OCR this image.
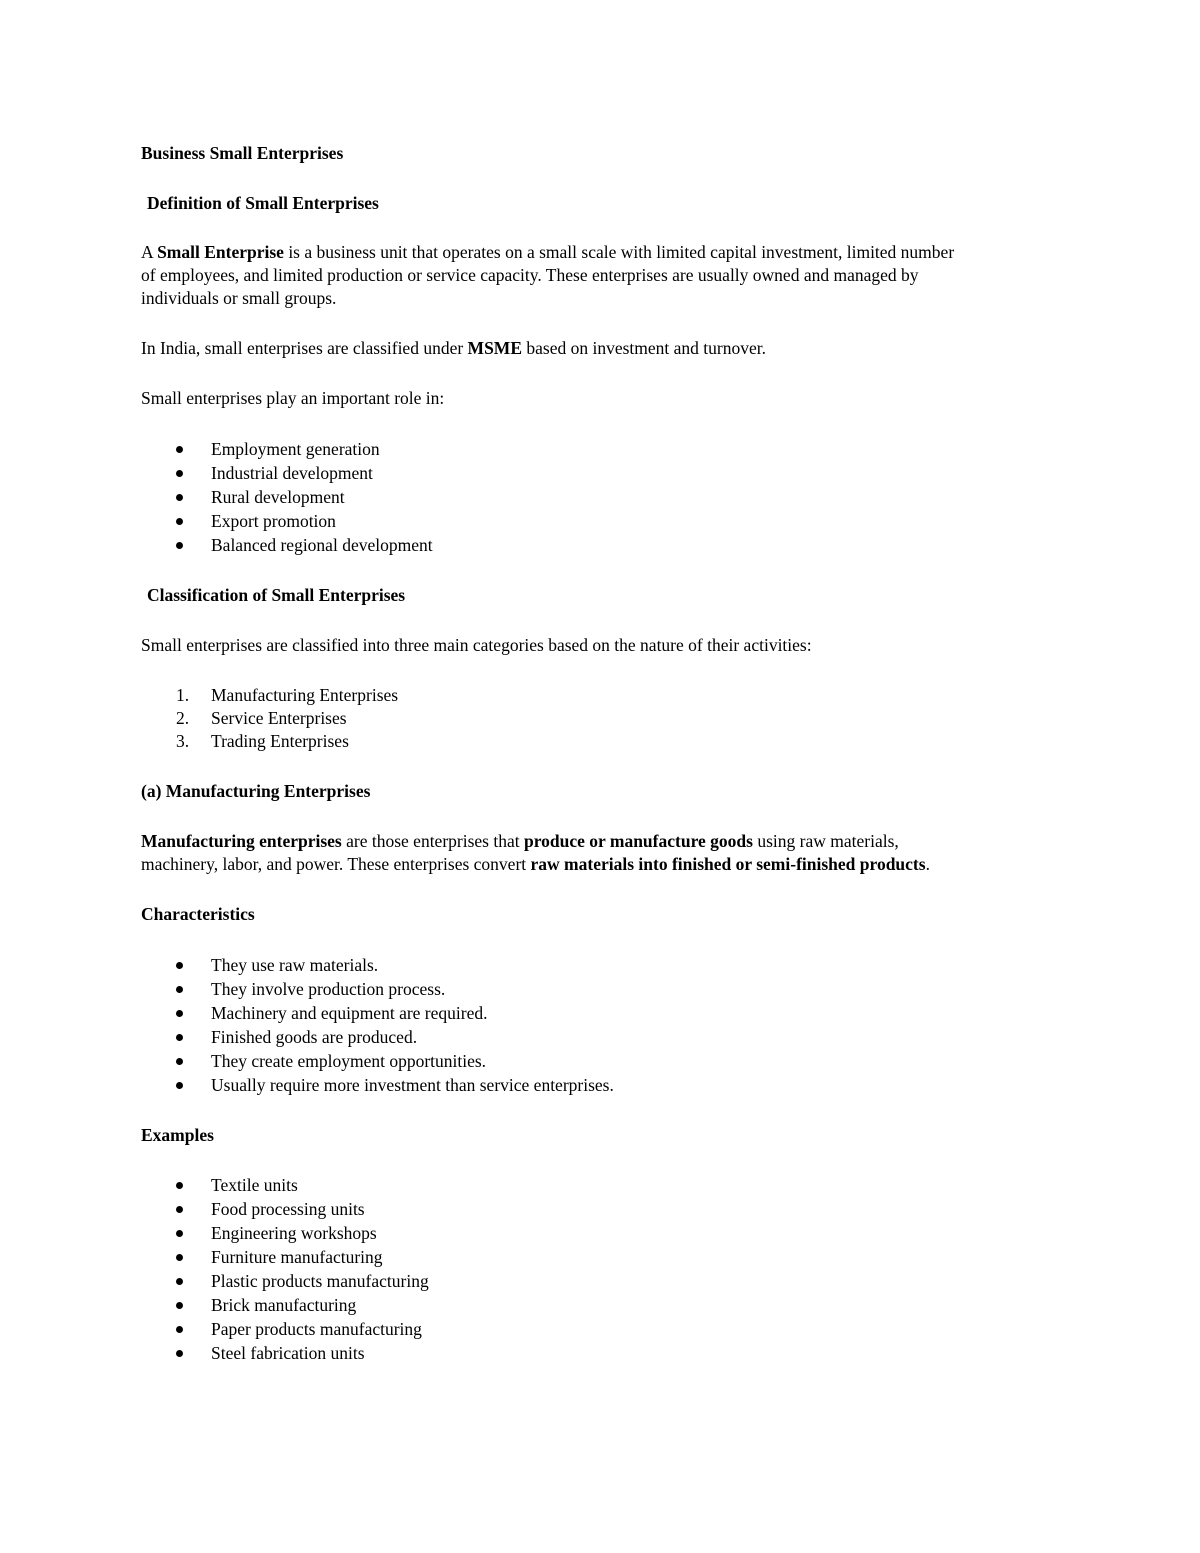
Business Small Enterprises
Definition of Small Enterprises
A Small Enterprise is a business unit that operates on a small scale with limited capital investment, limited number
of employees, and limited production or service capacity. These enterprises are usually owned and managed by
individuals or small groups.
In India, small enterprises are classified under MSME based on investment and turnover.
Small enterprises play an important role in:
Employment generation
Industrial development
Rural development
Export promotion
Balanced regional development
Classification of Small Enterprises
Small enterprises are classified into three main categories based on the nature of their activities:
1. Manufacturing Enterprises
2. Service Enterprises
3. Trading Enterprises
(a) Manufacturing Enterprises
Manufacturing enterprises are those enterprises that produce or manufacture goods using raw materials,
machinery, labor, and power. These enterprises convert raw materials into finished or semi-finished products.
Characteristics
They use raw materials.
They involve production process.
Machinery and equipment are required.
Finished goods are produced.
They create employment opportunities.
Usually require more investment than service enterprises.
Examples
Textile units
Food processing units
Engineering workshops
Furniture manufacturing
Plastic products manufacturing
Brick manufacturing
Paper products manufacturing
Steel fabrication units
